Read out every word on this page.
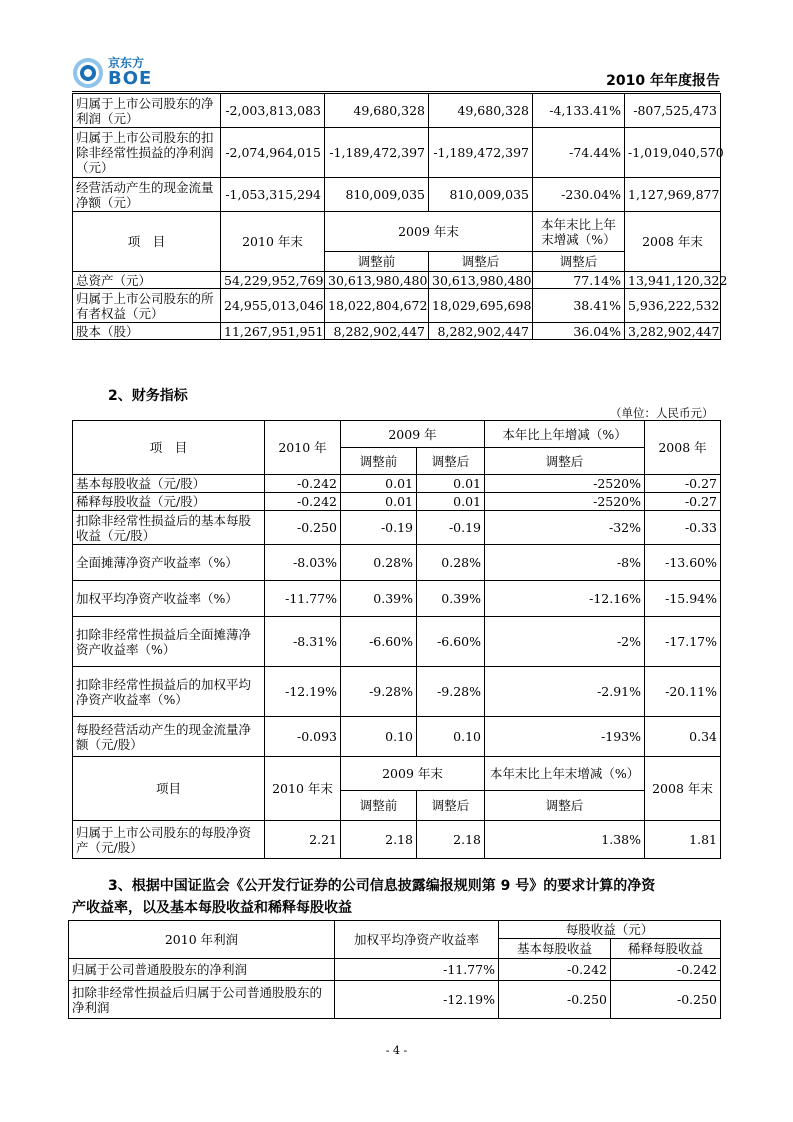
京东方
BOE	2010 年年度报告
归属于上市公司股东的净利润（元）	-2,003,813,083	49,680,328	49,680,328	-4,133.41%	-807,525,473
归属于上市公司股东的扣除非经常性损益的净利润（元）	-2,074,964,015	-1,189,472,397	-1,189,472,397	-74.44%	-1,019,040,570
经营活动产生的现金流量净额（元）	-1,053,315,294	810,009,035	810,009,035	-230.04%	1,127,969,877
项　目	2010 年末	2009 年末		本年末比上年末增减（%）	2008 年末
		调整前	调整后	调整后	
总资产（元）	54,229,952,769	30,613,980,480	30,613,980,480	77.14%	13,941,120,322
归属于上市公司股东的所有者权益（元）	24,955,013,046	18,022,804,672	18,029,695,698	38.41%	5,936,222,532
股本（股）	11,267,951,951	8,282,902,447	8,282,902,447	36.04%	3,282,902,447
2、财务指标
（单位：人民币元）
项　目	2010 年	2009 年		本年比上年增减（%）	2008 年
		调整前	调整后	调整后	
基本每股收益（元/股）	-0.242	0.01	0.01	-2520%	-0.27
稀释每股收益（元/股）	-0.242	0.01	0.01	-2520%	-0.27
扣除非经常性损益后的基本每股收益（元/股）	-0.250	-0.19	-0.19	-32%	-0.33
全面摊薄净资产收益率（%）	-8.03%	0.28%	0.28%	-8%	-13.60%
加权平均净资产收益率（%）	-11.77%	0.39%	0.39%	-12.16%	-15.94%
扣除非经常性损益后全面摊薄净资产收益率（%）	-8.31%	-6.60%	-6.60%	-2%	-17.17%
扣除非经常性损益后的加权平均净资产收益率（%）	-12.19%	-9.28%	-9.28%	-2.91%	-20.11%
每股经营活动产生的现金流量净额（元/股）	-0.093	0.10	0.10	-193%	0.34
项目	2010 年末	2009 年末		本年末比上年末增减（%）	2008 年末
		调整前	调整后	调整后	
归属于上市公司股东的每股净资产（元/股）	2.21	2.18	2.18	1.38%	1.81
3、根据中国证监会《公开发行证券的公司信息披露编报规则第 9 号》的要求计算的净资
产收益率，以及基本每股收益和稀释每股收益
2010 年利润	加权平均净资产收益率	每股收益（元）	
		基本每股收益	稀释每股收益
归属于公司普通股股东的净利润	-11.77%	-0.242	-0.242
扣除非经常性损益后归属于公司普通股股东的净利润	-12.19%	-0.250	-0.250
- 4 -
